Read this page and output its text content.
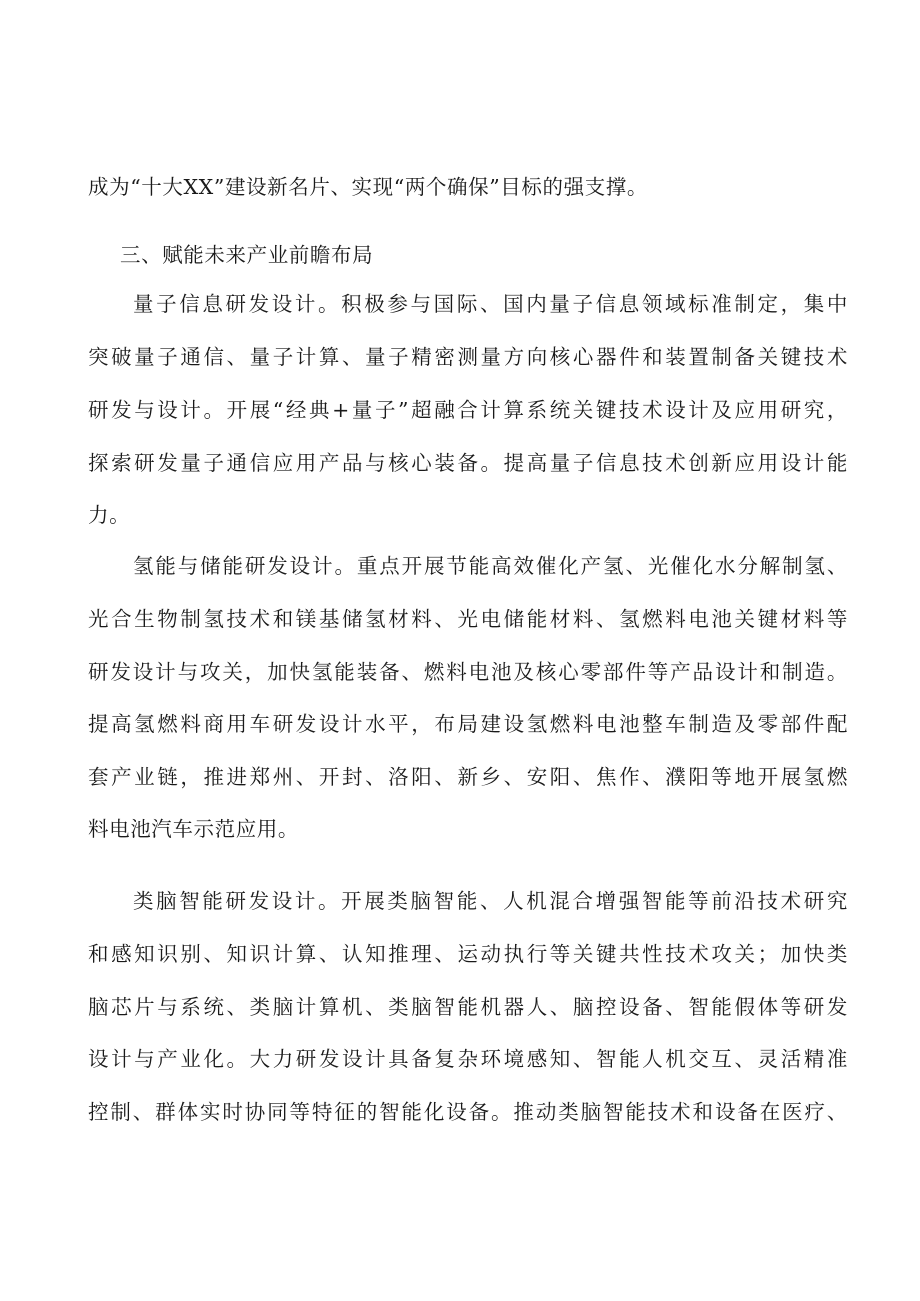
成为“十大XX”建设新名片、实现“两个确保”目标的强支撑。
三、赋能未来产业前瞻布局
量子信息研发设计。积极参与国际、国内量子信息领域标准制定，集中
突破量子通信、量子计算、量子精密测量方向核心器件和装置制备关键技术
研发与设计。开展“经典+量子”超融合计算系统关键技术设计及应用研究，
探索研发量子通信应用产品与核心装备。提高量子信息技术创新应用设计能
力。
氢能与储能研发设计。重点开展节能高效催化产氢、光催化水分解制氢、
光合生物制氢技术和镁基储氢材料、光电储能材料、氢燃料电池关键材料等
研发设计与攻关，加快氢能装备、燃料电池及核心零部件等产品设计和制造。
提高氢燃料商用车研发设计水平，布局建设氢燃料电池整车制造及零部件配
套产业链，推进郑州、开封、洛阳、新乡、安阳、焦作、濮阳等地开展氢燃
料电池汽车示范应用。
类脑智能研发设计。开展类脑智能、人机混合增强智能等前沿技术研究
和感知识别、知识计算、认知推理、运动执行等关键共性技术攻关；加快类
脑芯片与系统、类脑计算机、类脑智能机器人、脑控设备、智能假体等研发
设计与产业化。大力研发设计具备复杂环境感知、智能人机交互、灵活精准
控制、群体实时协同等特征的智能化设备。推动类脑智能技术和设备在医疗、
